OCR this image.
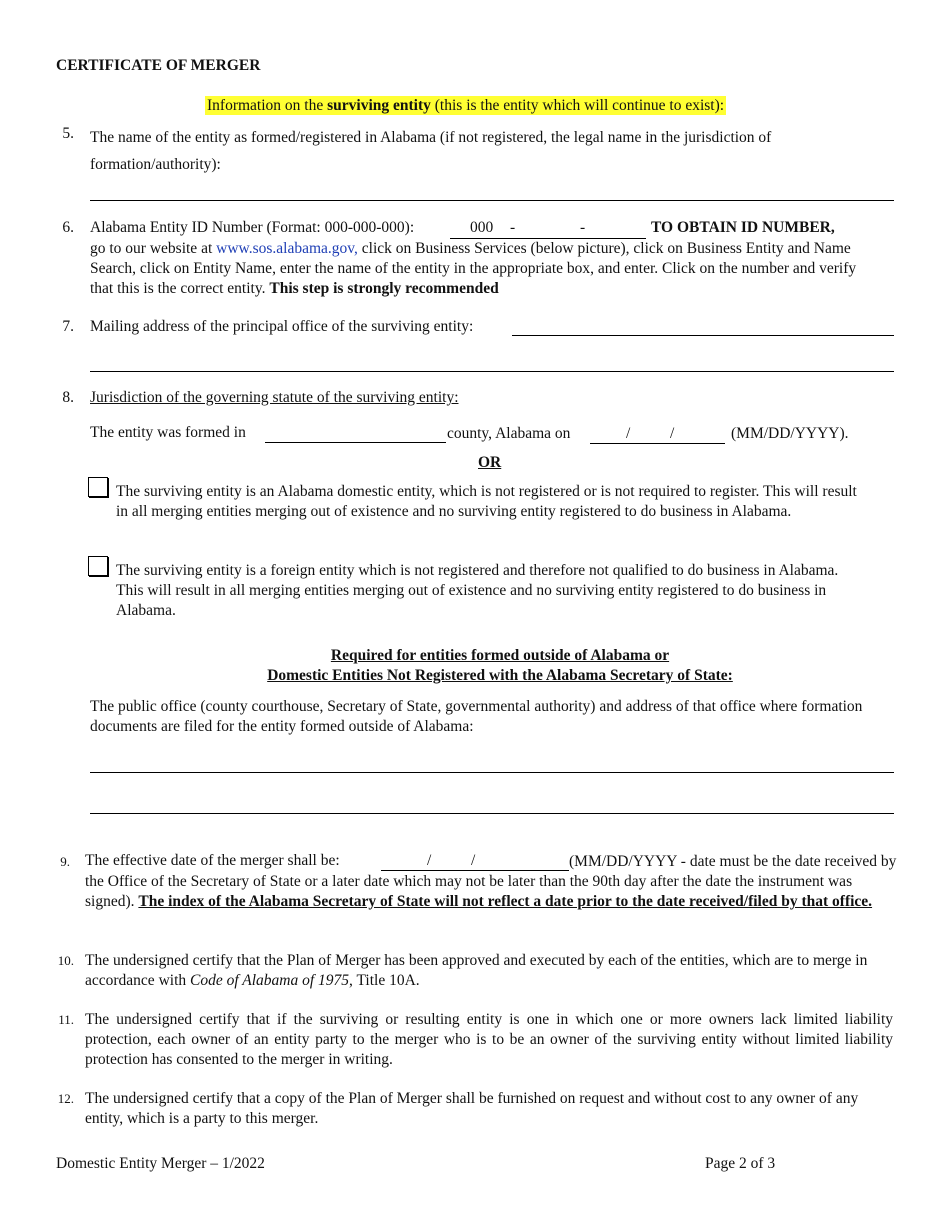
CERTIFICATE OF MERGER
Information on the surviving entity (this is the entity which will continue to exist):
5. The name of the entity as formed/registered in Alabama (if not registered, the legal name in the jurisdiction of formation/authority):
6. Alabama Entity ID Number (Format: 000-000-000):	000 -	-	TO OBTAIN ID NUMBER,
go to our website at www.sos.alabama.gov, click on Business Services (below picture), click on Business Entity and Name Search, click on Entity Name, enter the name of the entity in the appropriate box, and enter. Click on the number and verify that this is the correct entity. This step is strongly recommended
7. Mailing address of the principal office of the surviving entity:
8. Jurisdiction of the governing statute of the surviving entity:
The entity was formed in	county, Alabama on	/	/	(MM/DD/YYYY).
OR
The surviving entity is an Alabama domestic entity, which is not registered or is not required to register. This will result in all merging entities merging out of existence and no surviving entity registered to do business in Alabama.
The surviving entity is a foreign entity which is not registered and therefore not qualified to do business in Alabama. This will result in all merging entities merging out of existence and no surviving entity registered to do business in Alabama.
Required for entities formed outside of Alabama or
Domestic Entities Not Registered with the Alabama Secretary of State:
The public office (county courthouse, Secretary of State, governmental authority) and address of that office where formation documents are filed for the entity formed outside of Alabama:
9. The effective date of the merger shall be:	/	/	(MM/DD/YYYY - date must be the date received by the Office of the Secretary of State or a later date which may not be later than the 90th day after the date the instrument was signed). The index of the Alabama Secretary of State will not reflect a date prior to the date received/filed by that office.
10. The undersigned certify that the Plan of Merger has been approved and executed by each of the entities, which are to merge in accordance with Code of Alabama of 1975, Title 10A.
11. The undersigned certify that if the surviving or resulting entity is one in which one or more owners lack limited liability protection, each owner of an entity party to the merger who is to be an owner of the surviving entity without limited liability protection has consented to the merger in writing.
12. The undersigned certify that a copy of the Plan of Merger shall be furnished on request and without cost to any owner of any entity, which is a party to this merger.
Domestic Entity Merger – 1/2022	Page 2 of 3
